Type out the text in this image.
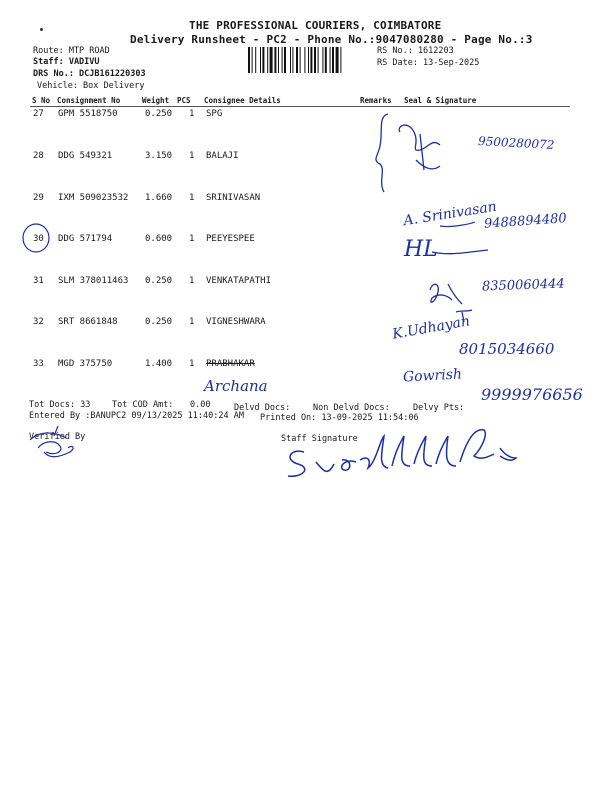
THE PROFESSIONAL COURIERS, COIMBATORE
Delivery Runsheet - PC2 - Phone No.:9047080280 - Page No.:3
Route: MTP ROAD
Staff: VADIVU
DRS No.: DCJB161220303
Vehicle: Box Delivery
RS No.: 1612203
RS Date: 13-Sep-2025
S No Consignment No	Weight PCS Consignee Details	Remarks Seal & Signature
27 GPM 5518750	0.250 1 SPG
28 DDG 549321	3.150 1 BALAJI
29 IXM 509023532 1.660 1 SRINIVASAN
30 DDG 571794	0.600 1 PEEYESPEE
31 SLM 378011463 0.250 1 VENKATAPATHI
32 SRT 8661848	0.250 1 VIGNESHWARA
33 MGD 375750	1.400 1 PRABHAKAR
Tot Docs: 33	Tot COD Amt: 0.00	Delvd Docs:	Non Delvd Docs:	Delvy Pts:
Entered By :BANUPC2 09/13/2025 11:40:24 AM Printed On: 13-09-2025 11:54:06
Verified By	Staff Signature
9500280072
A. Srinivasan
9488894480
HL
8350060444
K.Udhayan
8015034660
Gowrish
9999976656
Archana
